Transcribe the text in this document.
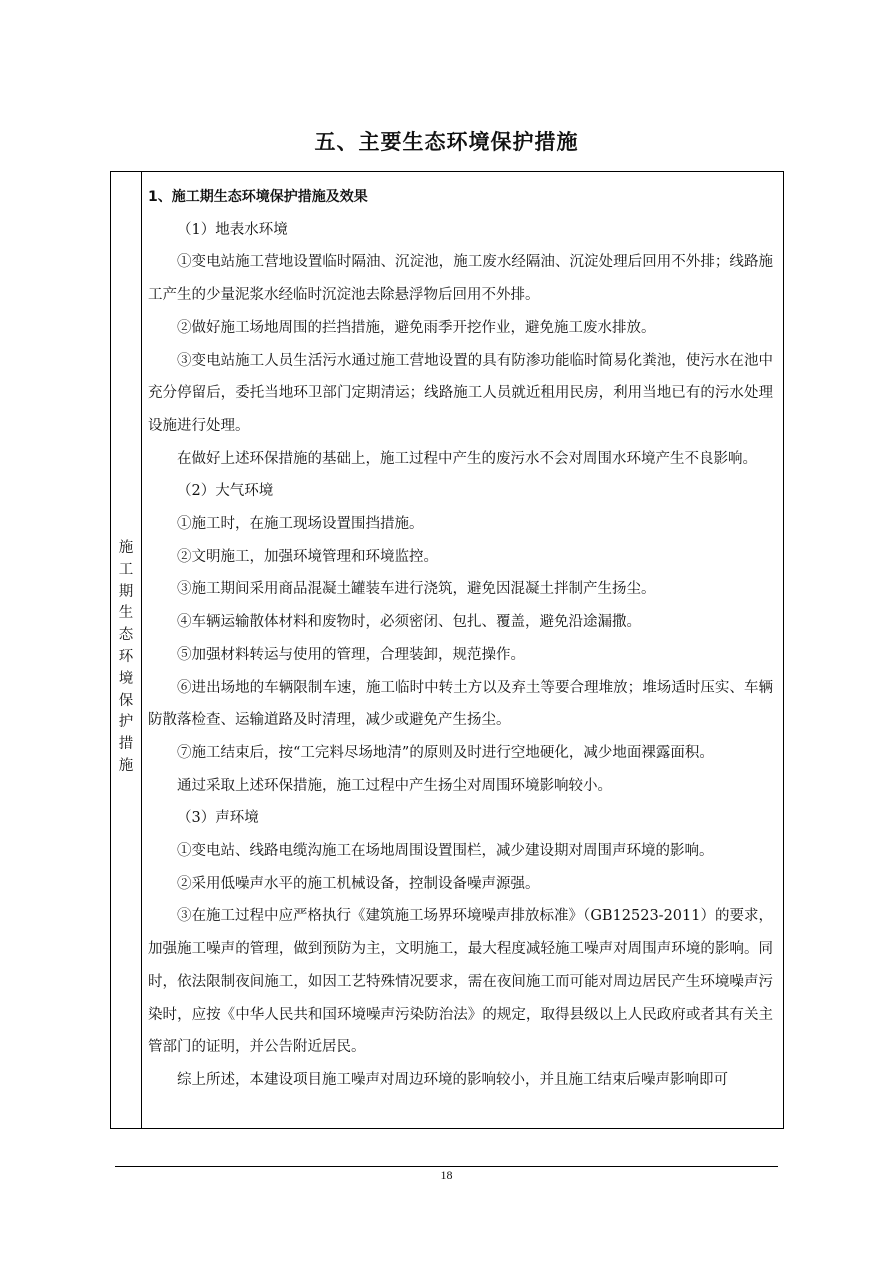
五、主要生态环境保护措施
施
工
期
生
态
环
境
保
护
措
施

1、施工期生态环境保护措施及效果

（1）地表水环境

①变电站施工营地设置临时隔油、沉淀池，施工废水经隔油、沉淀处理后回用不外排；线路施工产生的少量泥浆水经临时沉淀池去除悬浮物后回用不外排。

②做好施工场地周围的拦挡措施，避免雨季开挖作业，避免施工废水排放。

③变电站施工人员生活污水通过施工营地设置的具有防渗功能临时简易化粪池，使污水在池中充分停留后，委托当地环卫部门定期清运；线路施工人员就近租用民房，利用当地已有的污水处理设施进行处理。

在做好上述环保措施的基础上，施工过程中产生的废污水不会对周围水环境产生不良影响。

（2）大气环境

①施工时，在施工现场设置围挡措施。

②文明施工，加强环境管理和环境监控。

③施工期间采用商品混凝土罐装车进行浇筑，避免因混凝土拌制产生扬尘。

④车辆运输散体材料和废物时，必须密闭、包扎、覆盖，避免沿途漏撒。

⑤加强材料转运与使用的管理，合理装卸，规范操作。

⑥进出场地的车辆限制车速，施工临时中转土方以及弃土等要合理堆放；堆场适时压实、车辆防散落检查、运输道路及时清理，减少或避免产生扬尘。

⑦施工结束后，按“工完料尽场地清”的原则及时进行空地硬化，减少地面裸露面积。

通过采取上述环保措施，施工过程中产生扬尘对周围环境影响较小。

（3）声环境

①变电站、线路电缆沟施工在场地周围设置围栏，减少建设期对周围声环境的影响。

②采用低噪声水平的施工机械设备，控制设备噪声源强。

③在施工过程中应严格执行《建筑施工场界环境噪声排放标准》（GB12523-2011）的要求，加强施工噪声的管理，做到预防为主，文明施工，最大程度减轻施工噪声对周围声环境的影响。同时，依法限制夜间施工，如因工艺特殊情况要求，需在夜间施工而可能对周边居民产生环境噪声污染时，应按《中华人民共和国环境噪声污染防治法》的规定，取得县级以上人民政府或者其有关主管部门的证明，并公告附近居民。

综上所述，本建设项目施工噪声对周边环境的影响较小，并且施工结束后噪声影响即可

18
